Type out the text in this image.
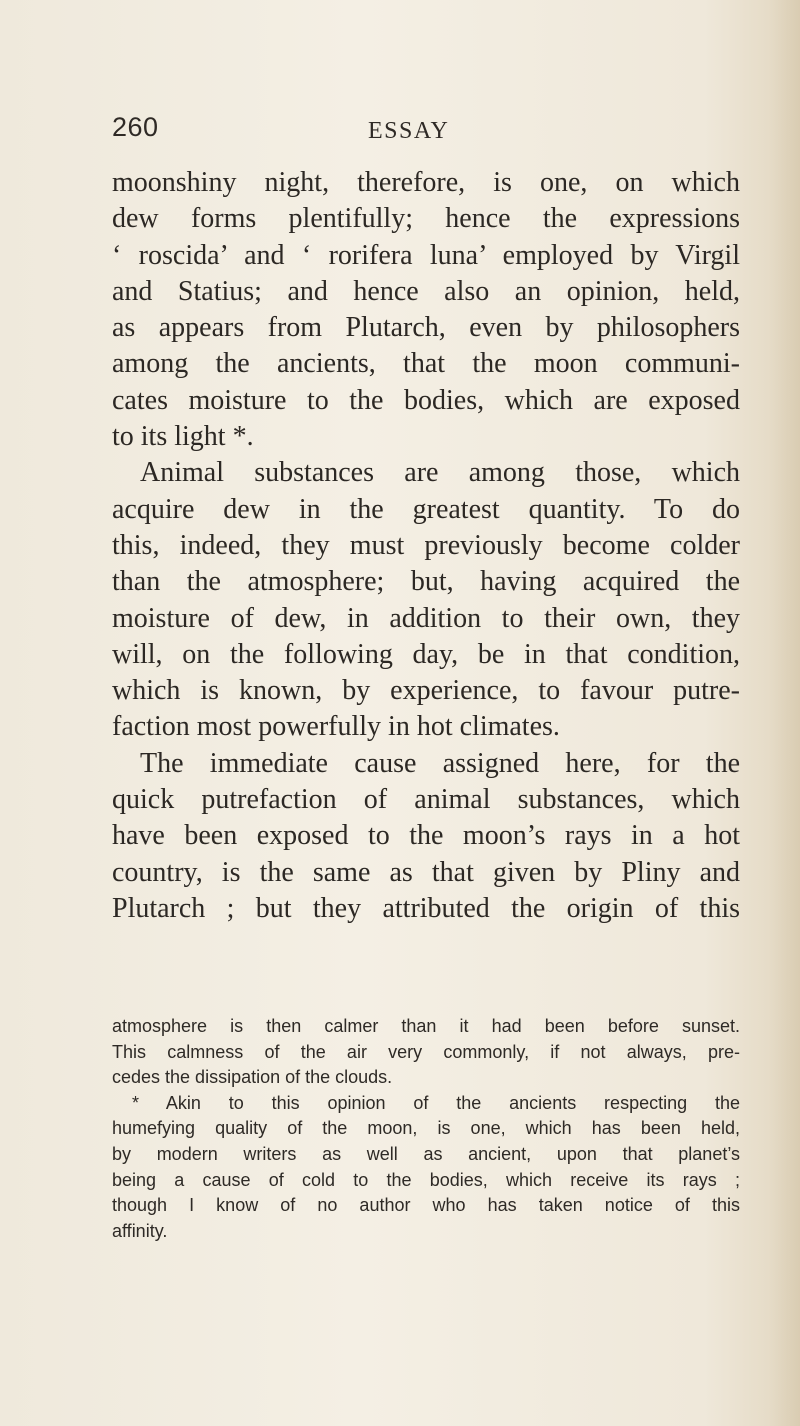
260	ESSAY
moonshiny night, therefore, is one, on which
dew forms plentifully; hence the expressions
‘ roscida’ and ‘ rorifera luna’ employed by Virgil
and Statius; and hence also an opinion, held,
as appears from Plutarch, even by philosophers
among the ancients, that the moon communi-
cates moisture to the bodies, which are exposed
to its light *.
Animal substances are among those, which
acquire dew in the greatest quantity. To do
this, indeed, they must previously become colder
than the atmosphere; but, having acquired the
moisture of dew, in addition to their own, they
will, on the following day, be in that condition,
which is known, by experience, to favour putre-
faction most powerfully in hot climates.
The immediate cause assigned here, for the
quick putrefaction of animal substances, which
have been exposed to the moon’s rays in a hot
country, is the same as that given by Pliny and
Plutarch ; but they attributed the origin of this
atmosphere is then calmer than it had been before sunset.
This calmness of the air very commonly, if not always, pre-
cedes the dissipation of the clouds.
* Akin to this opinion of the ancients respecting the
humefying quality of the moon, is one, which has been held,
by modern writers as well as ancient, upon that planet’s
being a cause of cold to the bodies, which receive its rays ;
though I know of no author who has taken notice of this
affinity.
